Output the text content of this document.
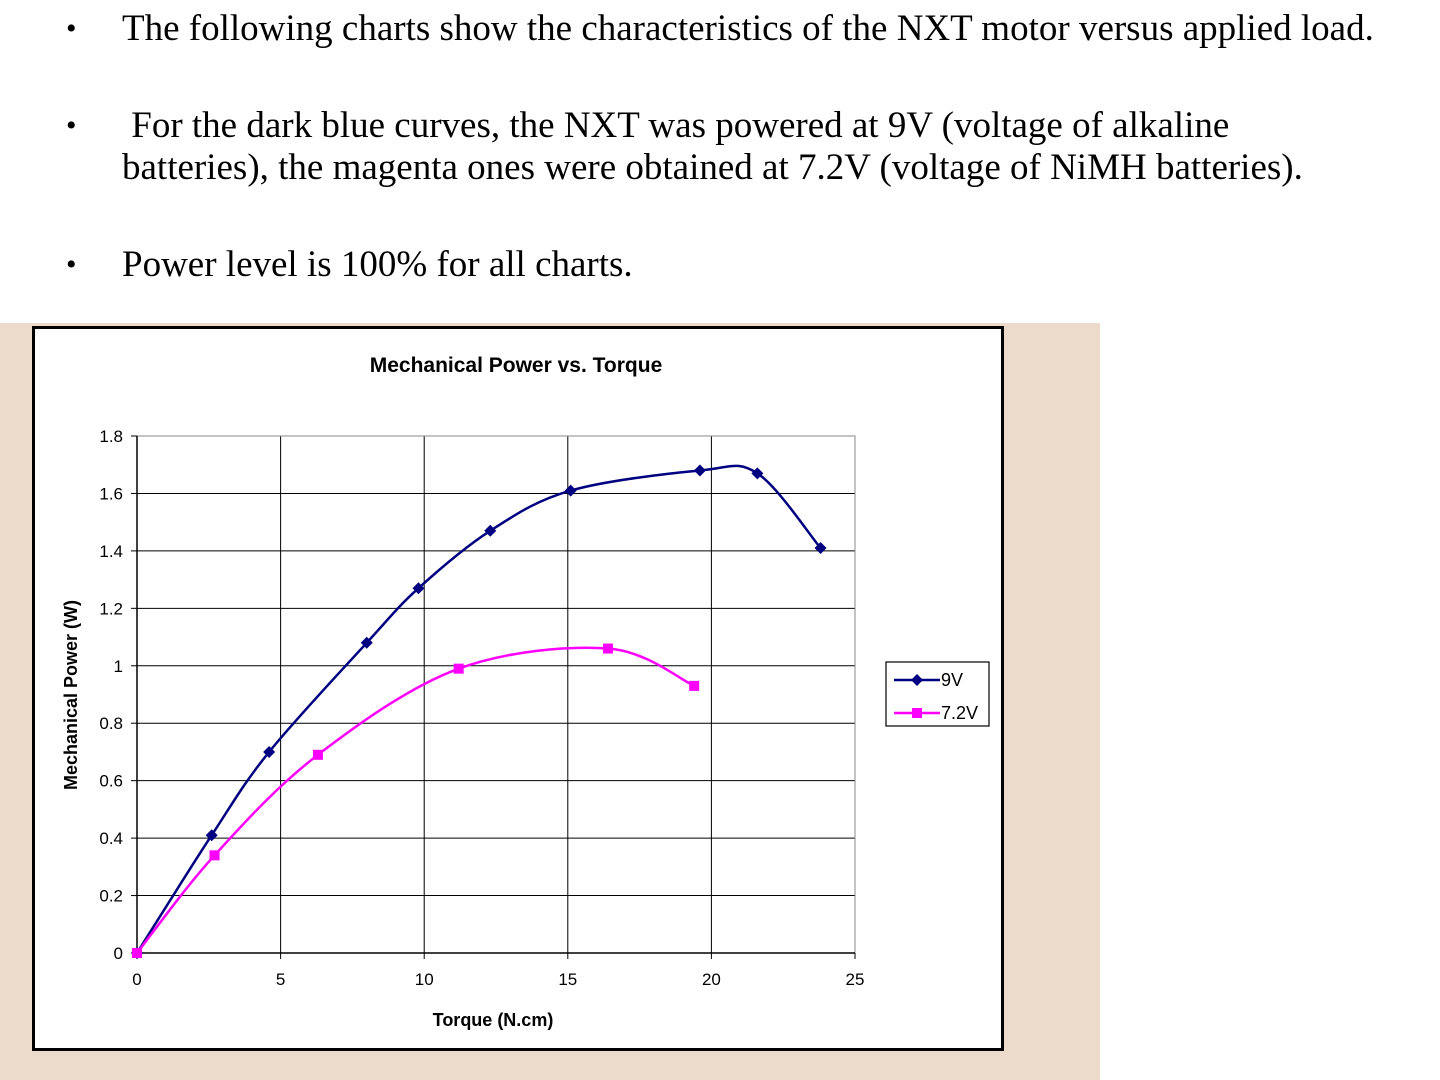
• The following charts show the characteristics of the NXT motor versus applied load.
• For the dark blue curves, the NXT was powered at 9V (voltage of alkaline batteries), the magenta ones were obtained at 7.2V (voltage of NiMH batteries).
• Power level is 100% for all charts.
0
0.2
0.4
0.6
0.8
1
1.2
1.4
1.6
1.8
0	5	10	15	20	25
Mechanical Power vs. Torque
Torque (N.cm)
Mechanical Power (W)	9V
7.2V
